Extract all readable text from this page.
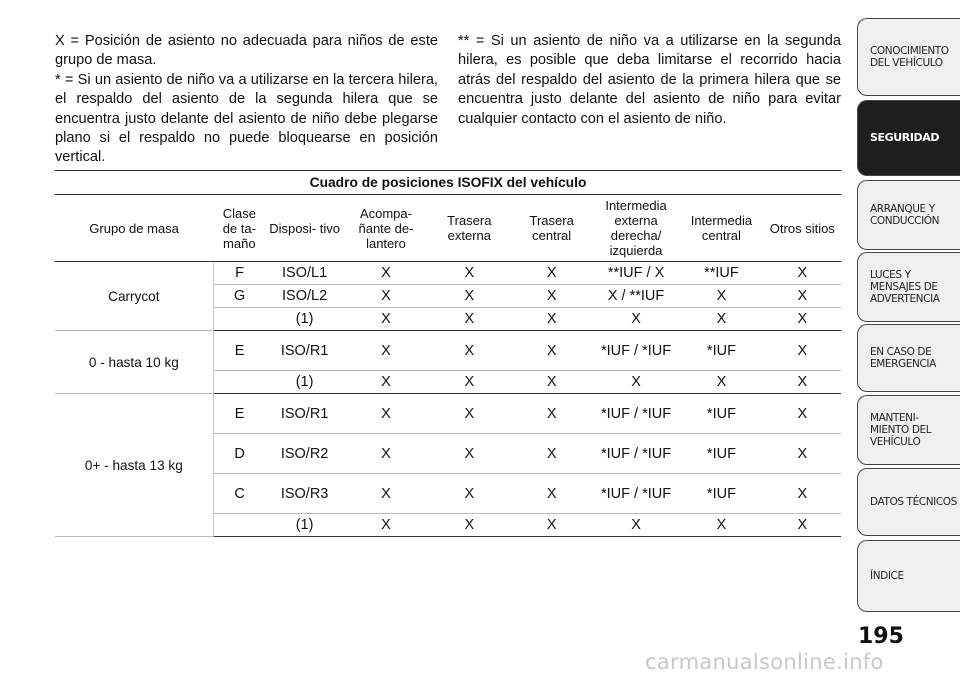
X = Posición de asiento no adecuada para niños de este grupo de masa.

* = Si un asiento de niño va a utilizarse en la tercera hilera, el respaldo del asiento de la segunda hilera que se encuentra justo delante del asiento de niño debe plegarse plano si el respaldo no puede bloquearse en posición vertical.

** = Si un asiento de niño va a utilizarse en la segunda hilera, es posible que deba limitarse el recorrido hacia atrás del respaldo del asiento de la primera hilera que se encuentra justo delante del asiento de niño para evitar cualquier contacto con el asiento de niño.

Cuadro de posiciones ISOFIX del vehículo								
Grupo de masa	Clase de ta- maño	Disposi- tivo	Acompa- ñante de- lantero	Trasera externa	Trasera central	Intermedia externa derecha/ izquierda	Intermedia central	Otros sitios
Carrycot	F	ISO/L1	X	X	X	**IUF / X	**IUF	X
	G	ISO/L2	X	X	X	X / **IUF	X	X
		(1)	X	X	X	X	X	X
0 - hasta 10 kg	E	ISO/R1	X	X	X	*IUF / *IUF	*IUF	X
		(1)	X	X	X	X	X	X
0+ - hasta 13 kg	E	ISO/R1	X	X	X	*IUF / *IUF	*IUF	X
	D	ISO/R2	X	X	X	*IUF / *IUF	*IUF	X
	C	ISO/R3	X	X	X	*IUF / *IUF	*IUF	X
		(1)	X	X	X	X	X	X
CONOCIMIENTO DEL VEHÍCULO
SEGURIDAD
ARRANQUE Y CONDUCCIÓN
LUCES Y MENSAJES DE ADVERTENCIA
EN CASO DE EMERGENCIA
MANTENI- MIENTO DEL VEHÍCULO
DATOS TÉCNICOS
ÍNDICE
195
carmanualsonline.info
